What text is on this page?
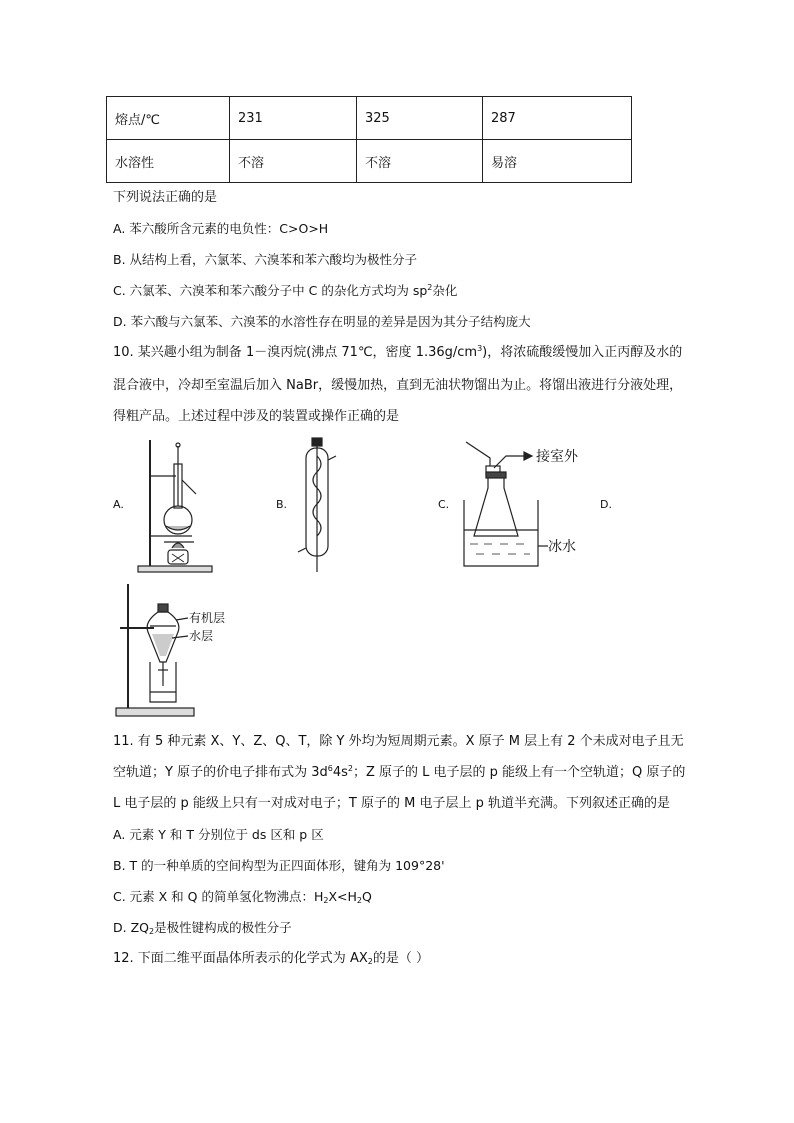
熔点/℃	231	325	287
水溶性	不溶	不溶	易溶
下列说法正确的是
A. 苯六酸所含元素的电负性：C>O>H
B. 从结构上看，六氯苯、六溴苯和苯六酸均为极性分子
C. 六氯苯、六溴苯和苯六酸分子中 C 的杂化方式均为 $sp^2$杂化
D. 苯六酸与六氯苯、六溴苯的水溶性存在明显的差异是因为其分子结构庞大
10. 某兴趣小组为制备 1－溴丙烷(沸点 71℃，密度 $1.36g/cm^3$)，将浓硫酸缓慢加入正丙醇及水的
混合液中，冷却至室温后加入 NaBr，缓慢加热，直到无油状物馏出为止。将馏出液进行分液处理，
得粗产品。上述过程中涉及的装置或操作正确的是
A.	B.	C.	D.
接室外
冰水
有机层
水层
11. 有 5 种元素 X、Y、Z、Q、T，除 Y 外均为短周期元素。X 原子 M 层上有 2 个未成对电子且无
空轨道；Y 原子的价电子排布式为 $3d^64s^2$；Z 原子的 L 电子层的 p 能级上有一个空轨道；Q 原子的
L 电子层的 p 能级上只有一对成对电子；T 原子的 M 电子层上 p 轨道半充满。下列叙述正确的是
A. 元素 Y 和 T 分别位于 ds 区和 p 区
B. T 的一种单质的空间构型为正四面体形，键角为 109°28'
C. 元素 X 和 Q 的简单氢化物沸点：$H_2X<H_2Q$
D. $ZQ_2$是极性键构成的极性分子
12. 下面二维平面晶体所表示的化学式为 $AX_2$的是（ ）
